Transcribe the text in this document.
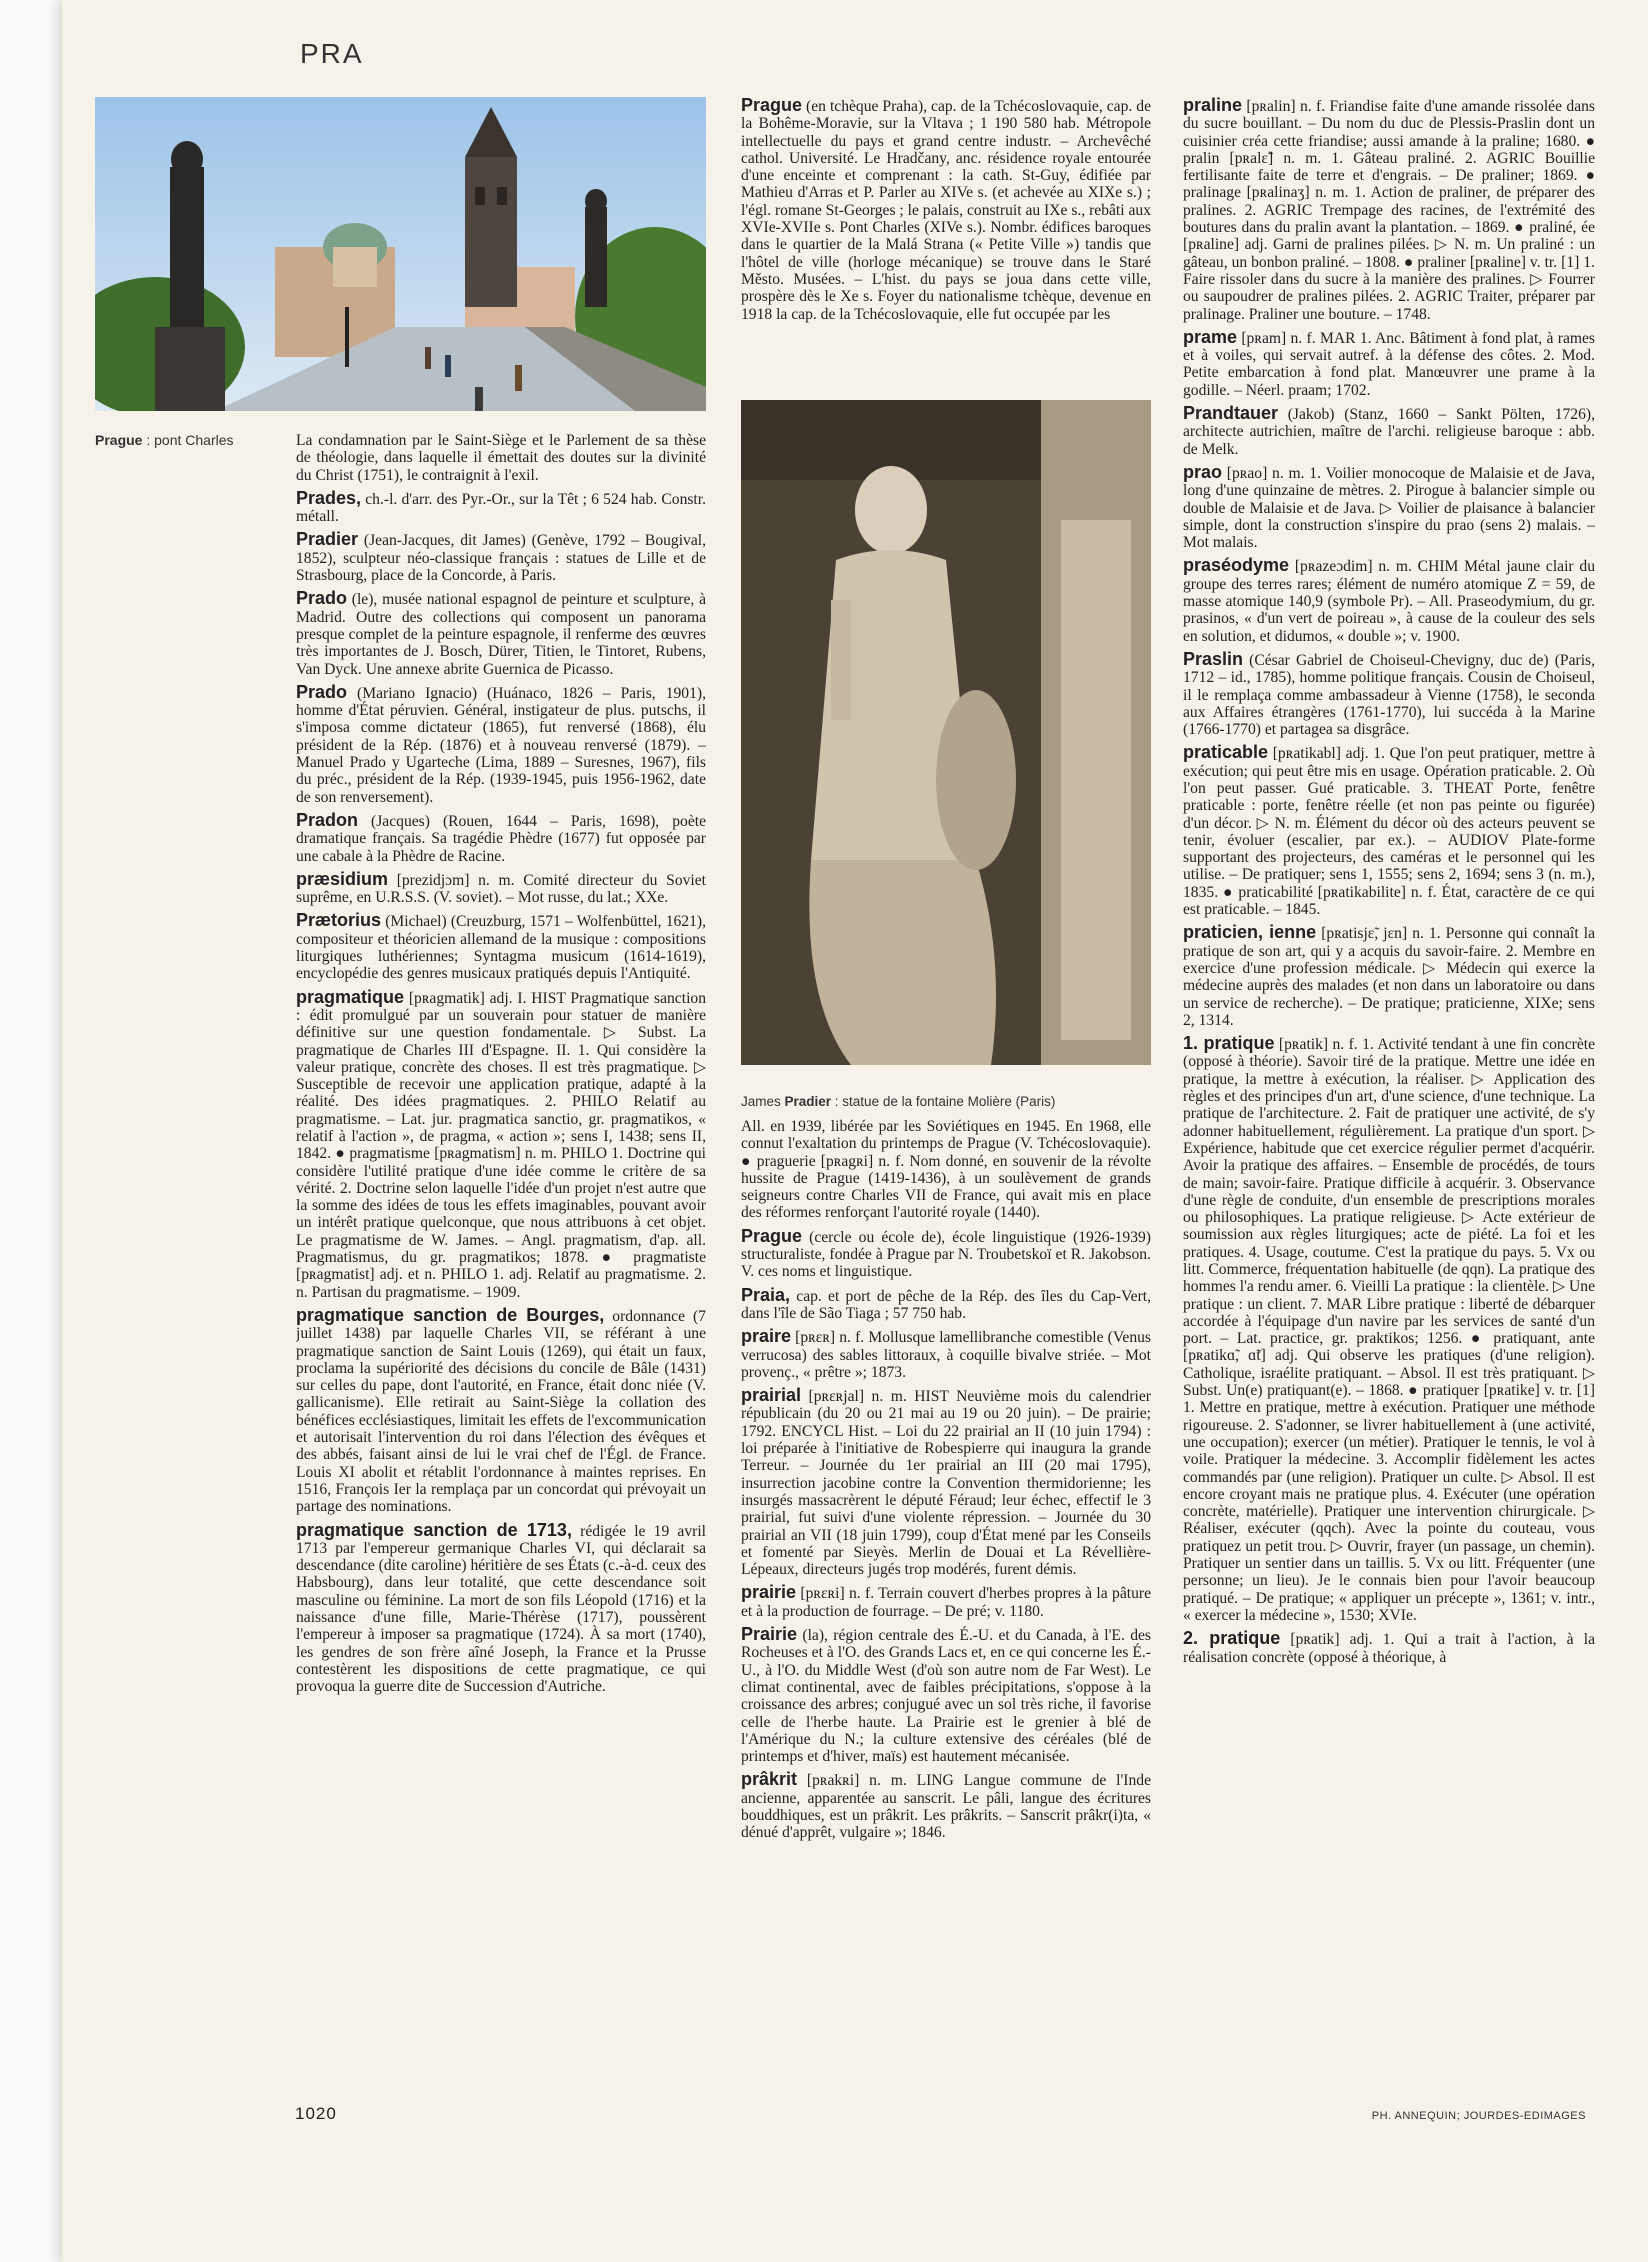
PRA
Prague : pont Charles
James Pradier : statue de la fontaine Molière (Paris)

La condamnation par le Saint-Siège et le Parlement de sa thèse de théologie, dans laquelle il émettait des doutes sur la divinité du Christ (1751), le contraignit à l'exil.

Prades, ch.-l. d'arr. des Pyr.-Or., sur la Têt ; 6 524 hab. Constr. métall.

Pradier (Jean-Jacques, dit James) (Genève, 1792 – Bougival, 1852), sculpteur néo-classique français : statues de Lille et de Strasbourg, place de la Concorde, à Paris.

Prado (le), musée national espagnol de peinture et sculpture, à Madrid. Outre des collections qui composent un panorama presque complet de la peinture espagnole, il renferme des œuvres très importantes de J. Bosch, Dürer, Titien, le Tintoret, Rubens, Van Dyck. Une annexe abrite Guernica de Picasso.

Prado (Mariano Ignacio) (Huánaco, 1826 – Paris, 1901), homme d'État péruvien. Général, instigateur de plus. putschs, il s'imposa comme dictateur (1865), fut renversé (1868), élu président de la Rép. (1876) et à nouveau renversé (1879). – Manuel Prado y Ugarteche (Lima, 1889 – Suresnes, 1967), fils du préc., président de la Rép. (1939-1945, puis 1956-1962, date de son renversement).

Pradon (Jacques) (Rouen, 1644 – Paris, 1698), poète dramatique français. Sa tragédie Phèdre (1677) fut opposée par une cabale à la Phèdre de Racine.

præsidium [prezidjɔm] n. m. Comité directeur du Soviet suprême, en U.R.S.S. (V. soviet). – Mot russe, du lat.; XXe.

Prætorius (Michael) (Creuzburg, 1571 – Wolfenbüttel, 1621), compositeur et théoricien allemand de la musique : compositions liturgiques luthériennes; Syntagma musicum (1614-1619), encyclopédie des genres musicaux pratiqués depuis l'Antiquité.

pragmatique [pʀagmatik] adj. I. HIST Pragmatique sanction : édit promulgué par un souverain pour statuer de manière définitive sur une question fondamentale. ▷ Subst. La pragmatique de Charles III d'Espagne. II. 1. Qui considère la valeur pratique, concrète des choses. Il est très pragmatique. ▷ Susceptible de recevoir une application pratique, adapté à la réalité. Des idées pragmatiques. 2. PHILO Relatif au pragmatisme. – Lat. jur. pragmatica sanctio, gr. pragmatikos, « relatif à l'action », de pragma, « action »; sens I, 1438; sens II, 1842. ● pragmatisme [pʀagmatism] n. m. PHILO 1. Doctrine qui considère l'utilité pratique d'une idée comme le critère de sa vérité. 2. Doctrine selon laquelle l'idée d'un projet n'est autre que la somme des idées de tous les effets imaginables, pouvant avoir un intérêt pratique quelconque, que nous attribuons à cet objet. Le pragmatisme de W. James. – Angl. pragmatism, d'ap. all. Pragmatismus, du gr. pragmatikos; 1878. ● pragmatiste [pʀagmatist] adj. et n. PHILO 1. adj. Relatif au pragmatisme. 2. n. Partisan du pragmatisme. – 1909.

pragmatique sanction de Bourges, ordonnance (7 juillet 1438) par laquelle Charles VII, se référant à une pragmatique sanction de Saint Louis (1269), qui était un faux, proclama la supériorité des décisions du concile de Bâle (1431) sur celles du pape, dont l'autorité, en France, était donc niée (V. gallicanisme). Elle retirait au Saint-Siège la collation des bénéfices ecclésiastiques, limitait les effets de l'excommunication et autorisait l'intervention du roi dans l'élection des évêques et des abbés, faisant ainsi de lui le vrai chef de l'Égl. de France. Louis XI abolit et rétablit l'ordonnance à maintes reprises. En 1516, François Ier la remplaça par un concordat qui prévoyait un partage des nominations.

pragmatique sanction de 1713, rédigée le 19 avril 1713 par l'empereur germanique Charles VI, qui déclarait sa descendance (dite caroline) héritière de ses États (c.-à-d. ceux des Habsbourg), dans leur totalité, que cette descendance soit masculine ou féminine. La mort de son fils Léopold (1716) et la naissance d'une fille, Marie-Thérèse (1717), poussèrent l'empereur à imposer sa pragmatique (1724). À sa mort (1740), les gendres de son frère aîné Joseph, la France et la Prusse contestèrent les dispositions de cette pragmatique, ce qui provoqua la guerre dite de Succession d'Autriche.

Prague (en tchèque Praha), cap. de la Tchécoslovaquie, cap. de la Bohême-Moravie, sur la Vltava ; 1 190 580 hab. Métropole intellectuelle du pays et grand centre industr. – Archevêché cathol. Université. Le Hradčany, anc. résidence royale entourée d'une enceinte et comprenant : la cath. St-Guy, édifiée par Mathieu d'Arras et P. Parler au XIVe s. (et achevée au XIXe s.) ; l'égl. romane St-Georges ; le palais, construit au IXe s., rebâti aux XVIe-XVIIe s. Pont Charles (XIVe s.). Nombr. édifices baroques dans le quartier de la Malá Strana (« Petite Ville ») tandis que l'hôtel de ville (horloge mécanique) se trouve dans le Staré Město. Musées. – L'hist. du pays se joua dans cette ville, prospère dès le Xe s. Foyer du nationalisme tchèque, devenue en 1918 la cap. de la Tchécoslovaquie, elle fut occupée par les

All. en 1939, libérée par les Soviétiques en 1945. En 1968, elle connut l'exaltation du printemps de Prague (V. Tchécoslovaquie). ● praguerie [pʀagʀi] n. f. Nom donné, en souvenir de la révolte hussite de Prague (1419-1436), à un soulèvement de grands seigneurs contre Charles VII de France, qui avait mis en place des réformes renforçant l'autorité royale (1440).

Prague (cercle ou école de), école linguistique (1926-1939) structuraliste, fondée à Prague par N. Troubetskoï et R. Jakobson. V. ces noms et linguistique.

Praia, cap. et port de pêche de la Rép. des îles du Cap-Vert, dans l'île de São Tiaga ; 57 750 hab.

praire [pʀɛʀ] n. f. Mollusque lamellibranche comestible (Venus verrucosa) des sables littoraux, à coquille bivalve striée. – Mot provenç., « prêtre »; 1873.

prairial [pʀɛʀjal] n. m. HIST Neuvième mois du calendrier républicain (du 20 ou 21 mai au 19 ou 20 juin). – De prairie; 1792. ENCYCL Hist. – Loi du 22 prairial an II (10 juin 1794) : loi préparée à l'initiative de Robespierre qui inaugura la grande Terreur. – Journée du 1er prairial an III (20 mai 1795), insurrection jacobine contre la Convention thermidorienne; les insurgés massacrèrent le député Féraud; leur échec, effectif le 3 prairial, fut suivi d'une violente répression. – Journée du 30 prairial an VII (18 juin 1799), coup d'État mené par les Conseils et fomenté par Sieyès. Merlin de Douai et La Révellière-Lépeaux, directeurs jugés trop modérés, furent démis.

prairie [pʀɛʀi] n. f. Terrain couvert d'herbes propres à la pâture et à la production de fourrage. – De pré; v. 1180.

Prairie (la), région centrale des É.-U. et du Canada, à l'E. des Rocheuses et à l'O. des Grands Lacs et, en ce qui concerne les É.-U., à l'O. du Middle West (d'où son autre nom de Far West). Le climat continental, avec de faibles précipitations, s'oppose à la croissance des arbres; conjugué avec un sol très riche, il favorise celle de l'herbe haute. La Prairie est le grenier à blé de l'Amérique du N.; la culture extensive des céréales (blé de printemps et d'hiver, maïs) est hautement mécanisée.

prâkrit [pʀakʀi] n. m. LING Langue commune de l'Inde ancienne, apparentée au sanscrit. Le pâli, langue des écritures bouddhiques, est un prâkrit. Les prâkrits. – Sanscrit prâkr(i)ta, « dénué d'apprêt, vulgaire »; 1846.

praline [pʀalin] n. f. Friandise faite d'une amande rissolée dans du sucre bouillant. – Du nom du duc de Plessis-Praslin dont un cuisinier créa cette friandise; aussi amande à la praline; 1680. ● pralin [pʀalɛ̃] n. m. 1. Gâteau praliné. 2. AGRIC Bouillie fertilisante faite de terre et d'engrais. – De praliner; 1869. ● pralinage [pʀalinaʒ] n. m. 1. Action de praliner, de préparer des pralines. 2. AGRIC Trempage des racines, de l'extrémité des boutures dans du pralin avant la plantation. – 1869. ● praliné, ée [pʀaline] adj. Garni de pralines pilées. ▷ N. m. Un praliné : un gâteau, un bonbon praliné. – 1808. ● praliner [pʀaline] v. tr. [1] 1. Faire rissoler dans du sucre à la manière des pralines. ▷ Fourrer ou saupoudrer de pralines pilées. 2. AGRIC Traiter, préparer par pralinage. Praliner une bouture. – 1748.

prame [pʀam] n. f. MAR 1. Anc. Bâtiment à fond plat, à rames et à voiles, qui servait autref. à la défense des côtes. 2. Mod. Petite embarcation à fond plat. Manœuvrer une prame à la godille. – Néerl. praam; 1702.

Prandtauer (Jakob) (Stanz, 1660 – Sankt Pölten, 1726), architecte autrichien, maître de l'archi. religieuse baroque : abb. de Melk.

prao [pʀao] n. m. 1. Voilier monocoque de Malaisie et de Java, long d'une quinzaine de mètres. 2. Pirogue à balancier simple ou double de Malaisie et de Java. ▷ Voilier de plaisance à balancier simple, dont la construction s'inspire du prao (sens 2) malais. – Mot malais.

praséodyme [pʀazeɔdim] n. m. CHIM Métal jaune clair du groupe des terres rares; élément de numéro atomique Z = 59, de masse atomique 140,9 (symbole Pr). – All. Praseodymium, du gr. prasinos, « d'un vert de poireau », à cause de la couleur des sels en solution, et didumos, « double »; v. 1900.

Praslin (César Gabriel de Choiseul-Chevigny, duc de) (Paris, 1712 – id., 1785), homme politique français. Cousin de Choiseul, il le remplaça comme ambassadeur à Vienne (1758), le seconda aux Affaires étrangères (1761-1770), lui succéda à la Marine (1766-1770) et partagea sa disgrâce.

praticable [pʀatikabl] adj. 1. Que l'on peut pratiquer, mettre à exécution; qui peut être mis en usage. Opération praticable. 2. Où l'on peut passer. Gué praticable. 3. THEAT Porte, fenêtre praticable : porte, fenêtre réelle (et non pas peinte ou figurée) d'un décor. ▷ N. m. Élément du décor où des acteurs peuvent se tenir, évoluer (escalier, par ex.). – AUDIOV Plate-forme supportant des projecteurs, des caméras et le personnel qui les utilise. – De pratiquer; sens 1, 1555; sens 2, 1694; sens 3 (n. m.), 1835. ● praticabilité [pʀatikabilite] n. f. État, caractère de ce qui est praticable. – 1845.

praticien, ienne [pʀatisjɛ̃, jɛn] n. 1. Personne qui connaît la pratique de son art, qui y a acquis du savoir-faire. 2. Membre en exercice d'une profession médicale. ▷ Médecin qui exerce la médecine auprès des malades (et non dans un laboratoire ou dans un service de recherche). – De pratique; praticienne, XIXe; sens 2, 1314.

1. pratique [pʀatik] n. f. 1. Activité tendant à une fin concrète (opposé à théorie). Savoir tiré de la pratique. Mettre une idée en pratique, la mettre à exécution, la réaliser. ▷ Application des règles et des principes d'un art, d'une science, d'une technique. La pratique de l'architecture. 2. Fait de pratiquer une activité, de s'y adonner habituellement, régulièrement. La pratique d'un sport. ▷ Expérience, habitude que cet exercice régulier permet d'acquérir. Avoir la pratique des affaires. – Ensemble de procédés, de tours de main; savoir-faire. Pratique difficile à acquérir. 3. Observance d'une règle de conduite, d'un ensemble de prescriptions morales ou philosophiques. La pratique religieuse. ▷ Acte extérieur de soumission aux règles liturgiques; acte de piété. La foi et les pratiques. 4. Usage, coutume. C'est la pratique du pays. 5. Vx ou litt. Commerce, fréquentation habituelle (de qqn). La pratique des hommes l'a rendu amer. 6. Vieilli La pratique : la clientèle. ▷ Une pratique : un client. 7. MAR Libre pratique : liberté de débarquer accordée à l'équipage d'un navire par les services de santé d'un port. – Lat. practice, gr. praktikos; 1256. ● pratiquant, ante [pʀatikɑ̃, ɑ̃t] adj. Qui observe les pratiques (d'une religion). Catholique, israélite pratiquant. – Absol. Il est très pratiquant. ▷ Subst. Un(e) pratiquant(e). – 1868. ● pratiquer [pʀatike] v. tr. [1] 1. Mettre en pratique, mettre à exécution. Pratiquer une méthode rigoureuse. 2. S'adonner, se livrer habituellement à (une activité, une occupation); exercer (un métier). Pratiquer le tennis, le vol à voile. Pratiquer la médecine. 3. Accomplir fidèlement les actes commandés par (une religion). Pratiquer un culte. ▷ Absol. Il est encore croyant mais ne pratique plus. 4. Exécuter (une opération concrète, matérielle). Pratiquer une intervention chirurgicale. ▷ Réaliser, exécuter (qqch). Avec la pointe du couteau, vous pratiquez un petit trou. ▷ Ouvrir, frayer (un passage, un chemin). Pratiquer un sentier dans un taillis. 5. Vx ou litt. Fréquenter (une personne; un lieu). Je le connais bien pour l'avoir beaucoup pratiqué. – De pratique; « appliquer un précepte », 1361; v. intr., « exercer la médecine », 1530; XVIe.

2. pratique [pʀatik] adj. 1. Qui a trait à l'action, à la réalisation concrète (opposé à théorique, à

1020	PH. ANNEQUIN; JOURDES-EDIMAGES
